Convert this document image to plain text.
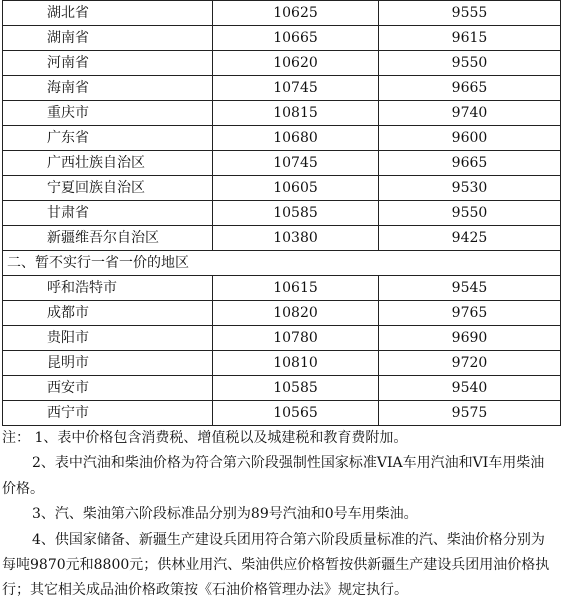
湖北省	10625	9555
湖南省	10665	9615
河南省	10620	9550
海南省	10745	9665
重庆市	10815	9740
广东省	10680	9600
广西壮族自治区	10745	9665
宁夏回族自治区	10605	9530
甘肃省	10585	9550
新疆维吾尔自治区	10380	9425
二、暂不实行一省一价的地区		
呼和浩特市	10615	9545
成都市	10820	9765
贵阳市	10780	9690
昆明市	10810	9720
西安市	10585	9540
西宁市	10565	9575

注： 1、表中价格包含消费税、增值税以及城建税和教育费附加。

2、表中汽油和柴油价格为符合第六阶段强制性国家标准VIA车用汽油和VI车用柴油价格。

3、汽、柴油第六阶段标准品分别为89号汽油和0号车用柴油。

4、供国家储备、新疆生产建设兵团用符合第六阶段质量标准的汽、柴油价格分别为每吨9870元和8800元；供林业用汽、柴油供应价格暂按供新疆生产建设兵团用油价格执行；其它相关成品油价格政策按《石油价格管理办法》规定执行。
